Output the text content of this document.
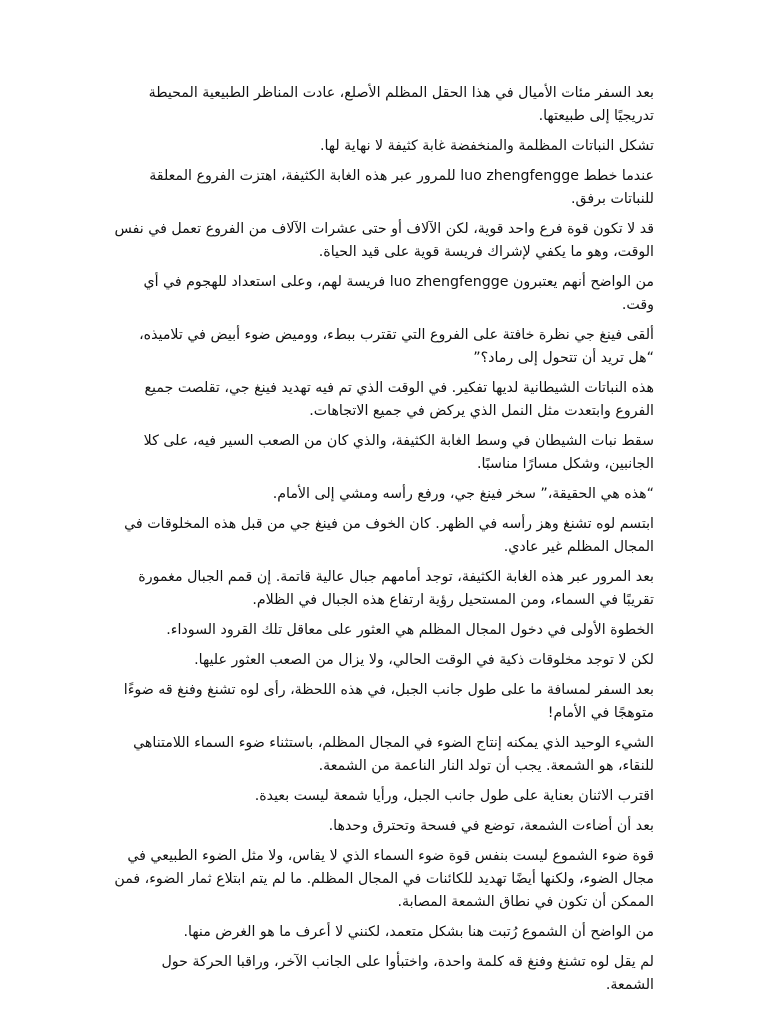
بعد السفر مئات الأميال في هذا الحقل المظلم الأصلع، عادت المناظر الطبيعية المحيطة تدريجيًا إلى طبيعتها.

تشكل النباتات المظلمة والمنخفضة غابة كثيفة لا نهاية لها.

عندما خطط luo zhengfengge للمرور عبر هذه الغابة الكثيفة، اهتزت الفروع المعلقة للنباتات برفق.

قد لا تكون قوة فرع واحد قوية، لكن الآلاف أو حتى عشرات الآلاف من الفروع تعمل في نفس الوقت، وهو ما يكفي لإشراك فريسة قوية على قيد الحياة.

من الواضح أنهم يعتبرون luo zhengfengge فريسة لهم، وعلى استعداد للهجوم في أي وقت.

ألقى فينغ جي نظرة خافتة على الفروع التي تقترب ببطء، ووميض ضوء أبيض في تلاميذه، “هل تريد أن تتحول إلى رماد؟”

هذه النباتات الشيطانية لديها تفكير. في الوقت الذي تم فيه تهديد فينغ جي، تقلصت جميع الفروع وابتعدت مثل النمل الذي يركض في جميع الاتجاهات.

سقط نبات الشيطان في وسط الغابة الكثيفة، والذي كان من الصعب السير فيه، على كلا الجانبين، وشكل مسارًا مناسبًا.

“هذه هي الحقيقة،” سخر فينغ جي، ورفع رأسه ومشي إلى الأمام.

ابتسم لوه تشنغ وهز رأسه في الظهر. كان الخوف من فينغ جي من قبل هذه المخلوقات في المجال المظلم غير عادي.

بعد المرور عبر هذه الغابة الكثيفة، توجد أمامهم جبال عالية قاتمة. إن قمم الجبال مغمورة تقريبًا في السماء، ومن المستحيل رؤية ارتفاع هذه الجبال في الظلام.

الخطوة الأولى في دخول المجال المظلم هي العثور على معاقل تلك القرود السوداء.

لكن لا توجد مخلوقات ذكية في الوقت الحالي، ولا يزال من الصعب العثور عليها.

بعد السفر لمسافة ما على طول جانب الجبل، في هذه اللحظة، رأى لوه تشنغ وفنغ قه ضوءًا متوهجًا في الأمام!

الشيء الوحيد الذي يمكنه إنتاج الضوء في المجال المظلم، باستثناء ضوء السماء اللامتناهي للنقاء، هو الشمعة. يجب أن تولد النار الناعمة من الشمعة.

اقترب الاثنان بعناية على طول جانب الجبل، ورأيا شمعة ليست بعيدة.

بعد أن أضاءت الشمعة، توضع في فسحة وتحترق وحدها.

قوة ضوء الشموع ليست بنفس قوة ضوء السماء الذي لا يقاس، ولا مثل الضوء الطبيعي في مجال الضوء، ولكنها أيضًا تهديد للكائنات في المجال المظلم. ما لم يتم ابتلاع ثمار الضوء، فمن الممكن أن تكون في نطاق الشمعة المصابة.

من الواضح أن الشموع رُتبت هنا بشكل متعمد، لكنني لا أعرف ما هو الغرض منها.

لم يقل لوه تشنغ وفنغ قه كلمة واحدة، واختبأوا على الجانب الآخر، وراقبا الحركة حول الشمعة.
